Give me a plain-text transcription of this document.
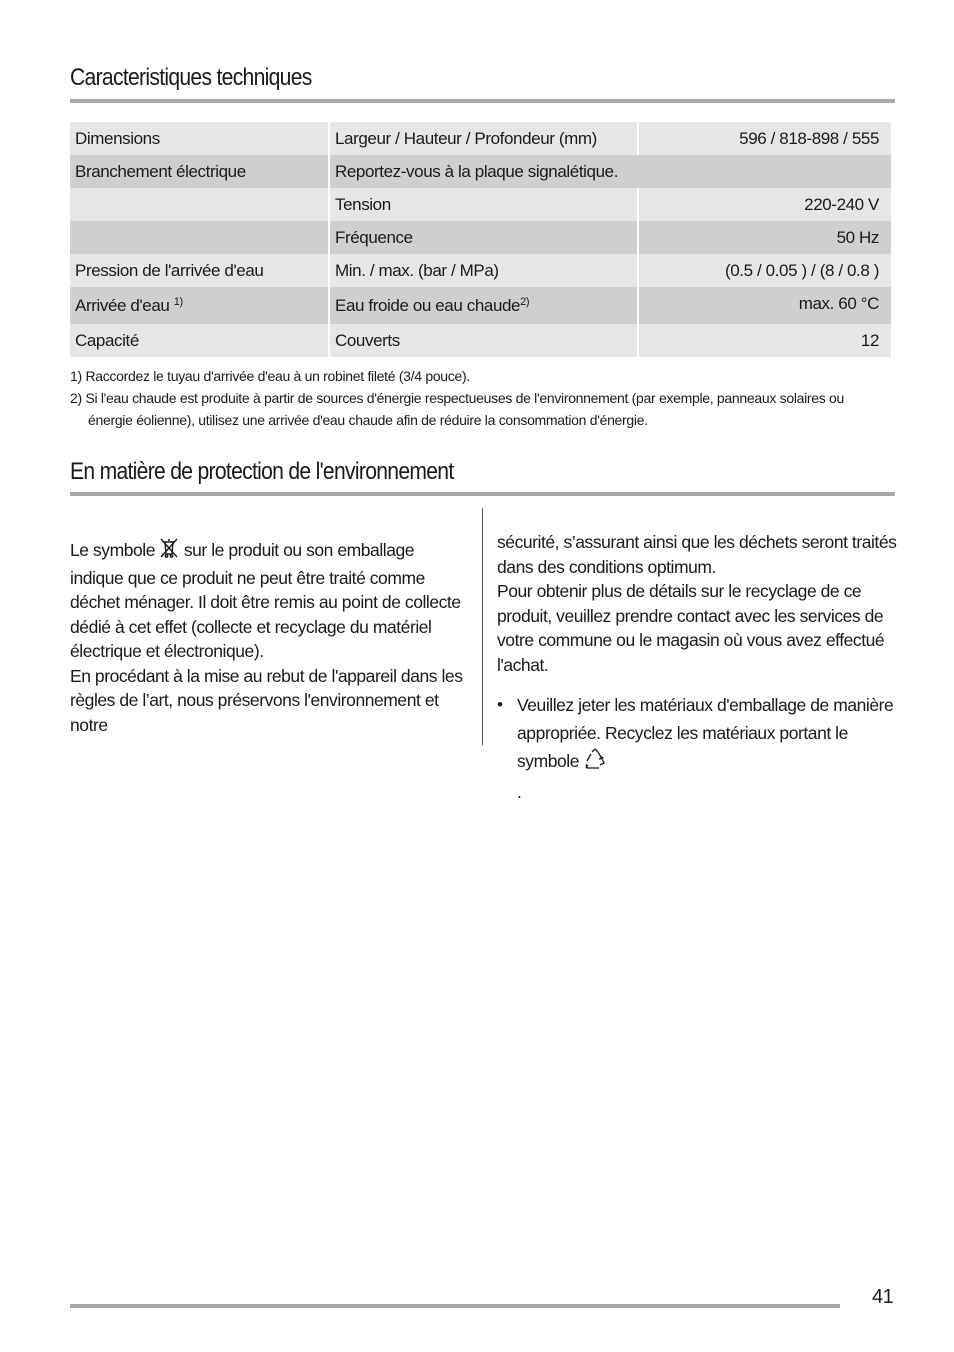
Caracteristiques techniques
Dimensions	Largeur / Hauteur / Profondeur (mm)	596 / 818-898 / 555
Branchement électrique	Reportez-vous à la plaque signalétique.	
	Tension	220-240 V
	Fréquence	50 Hz
Pression de l'arrivée d'eau	Min. / max. (bar / MPa)	(0.5 / 0.05 ) / (8 / 0.8 )
Arrivée d'eau $^{1)}$	Eau froide ou eau chaude$^{2)}$	max. 60 °C
Capacité	Couverts	12
1) Raccordez le tuyau d'arrivée d'eau à un robinet fileté (3/4 pouce).
2) Si l'eau chaude est produite à partir de sources d'énergie respectueuses de l'environnement (par exemple, panneaux solaires ou
énergie éolienne), utilisez une arrivée d'eau chaude afin de réduire la consommation d'énergie.
En matière de protection de l'environnement

Le symbole  sur le produit ou son emballage indique que ce produit ne peut être traité comme déchet ménager. Il doit être remis au point de collecte dédié à cet effet (collecte et recyclage du matériel électrique et électronique).

En procédant à la mise au rebut de l'appareil dans les règles de l’art, nous préservons l'environnement et notre

sécurité, s’assurant ainsi que les déchets seront traités dans des conditions optimum.

Pour obtenir plus de détails sur le recyclage de ce produit, veuillez prendre contact avec les services de votre commune ou le magasin où vous avez effectué l'achat.

• Veuillez jeter les matériaux d'emballage de manière appropriée. Recyclez les matériaux portant le symbole
.
41
